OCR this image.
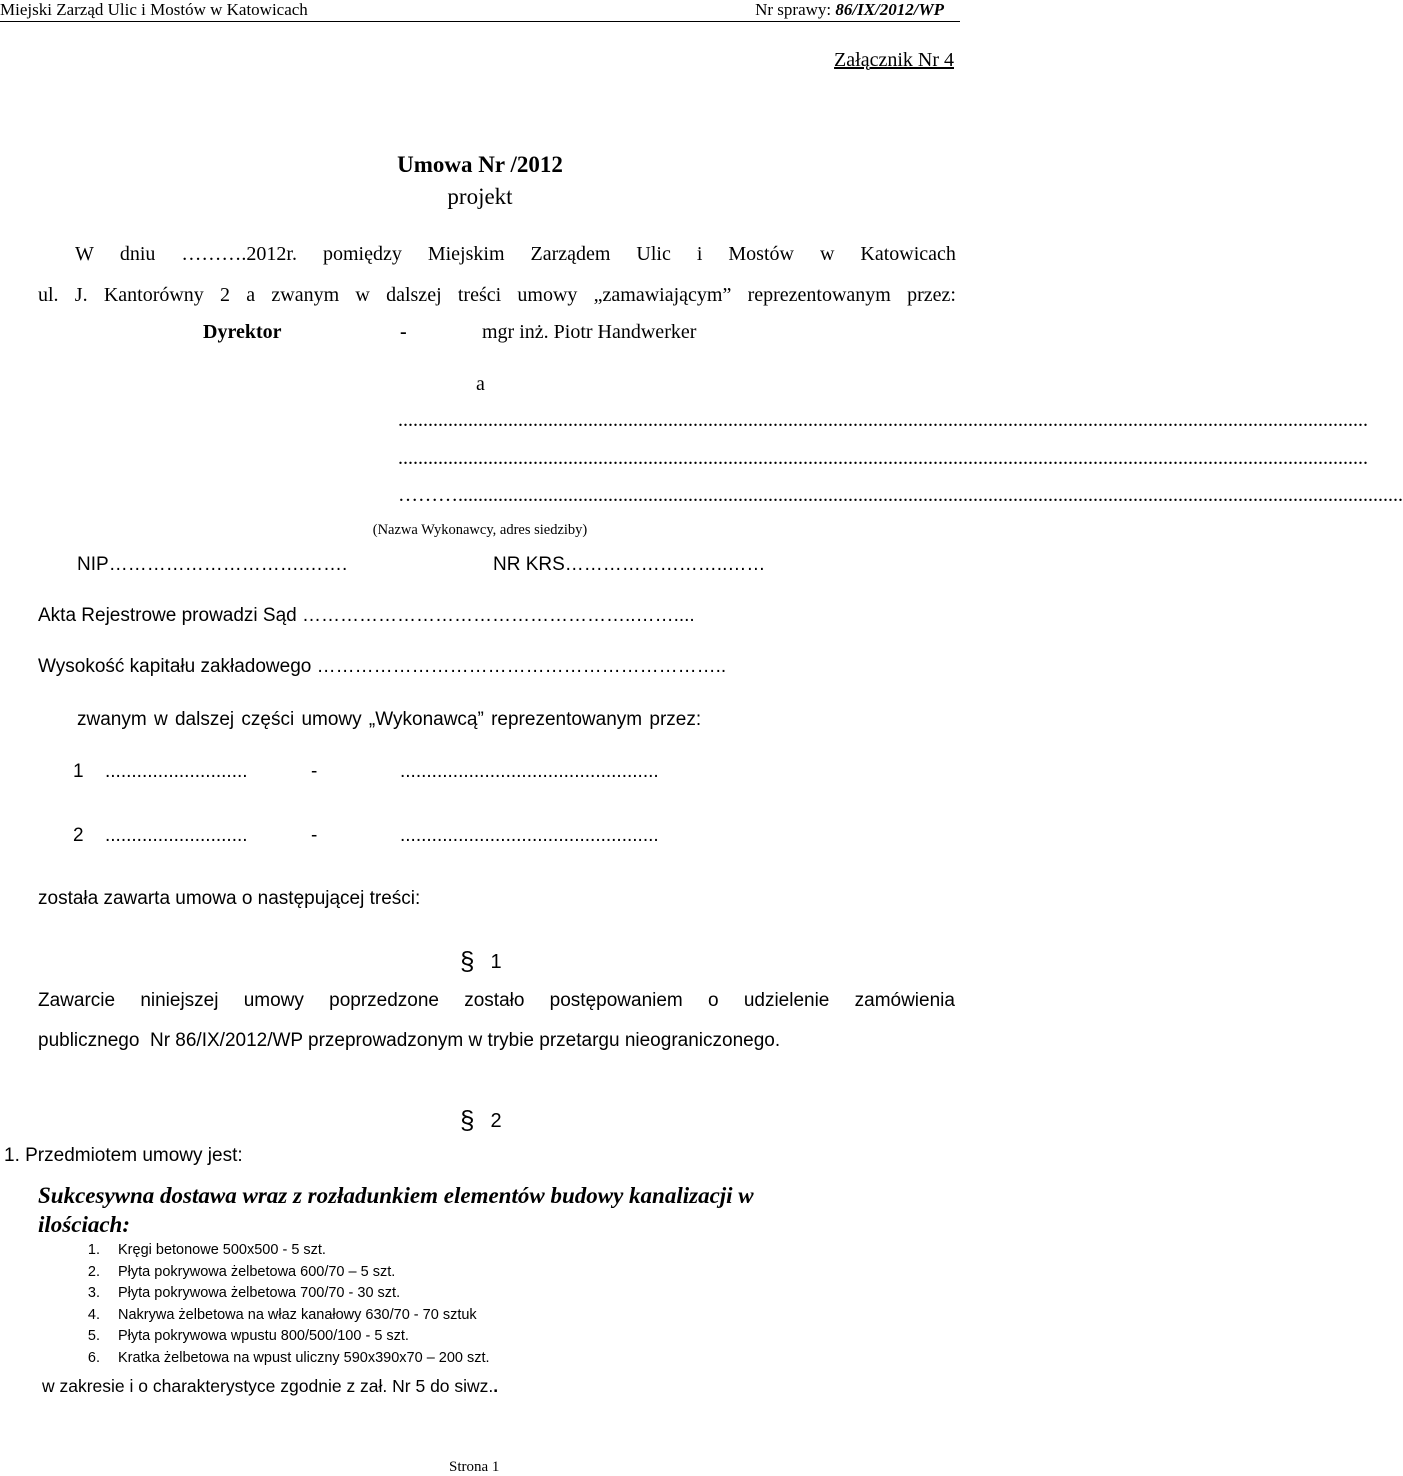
Miejski Zarząd Ulic i Mostów w Katowicach	Nr sprawy: 86/IX/2012/WP
Załącznik Nr 4
Umowa Nr /2012
projekt
W dniu ……….2012r. pomiędzy Miejskim Zarządem Ulic i Mostów w Katowicach
ul. J. Kantorówny 2 a zwanym w dalszej treści umowy „zamawiającym” reprezentowanym przez:
Dyrektor	-	mgr inż. Piotr Handwerker
a
..................................................................................................................................................................................................
..................................................................................................................................................................................................
……….............................................................................................................................................................................................
(Nazwa Wykonawcy, adres siedziby)
NIP………………………….…….	NR KRS……………………..……
Akta Rejestrowe prowadzi Sąd ……………………………………………..……....
Wysokość kapitału zakładowego ………………………………………………………..
zwanym w dalszej części umowy „Wykonawcą” reprezentowanym przez:
1 ...........................	-	.................................................
2 ...........................	-	.................................................
została zawarta umowa o następującej treści:
§ 1
Zawarcie niniejszej umowy poprzedzone zostało postępowaniem o udzielenie zamówienia
publicznego  Nr 86/IX/2012/WP przeprowadzonym w trybie przetargu nieograniczonego.
§ 2
1. Przedmiotem umowy jest:
Sukcesywna dostawa wraz z rozładunkiem elementów budowy kanalizacji w
ilościach:
1. Kręgi betonowe 500x500 - 5 szt.
2. Płyta pokrywowa żelbetowa 600/70 – 5 szt.
3. Płyta pokrywowa żelbetowa 700/70 - 30 szt.
4. Nakrywa żelbetowa na właz kanałowy 630/70 - 70 sztuk
5. Płyta pokrywowa wpustu 800/500/100 - 5 szt.
6. Kratka żelbetowa na wpust uliczny 590x390x70 – 200 szt.
w zakresie i o charakterystyce zgodnie z zał. Nr 5 do siwz..
Strona 1
